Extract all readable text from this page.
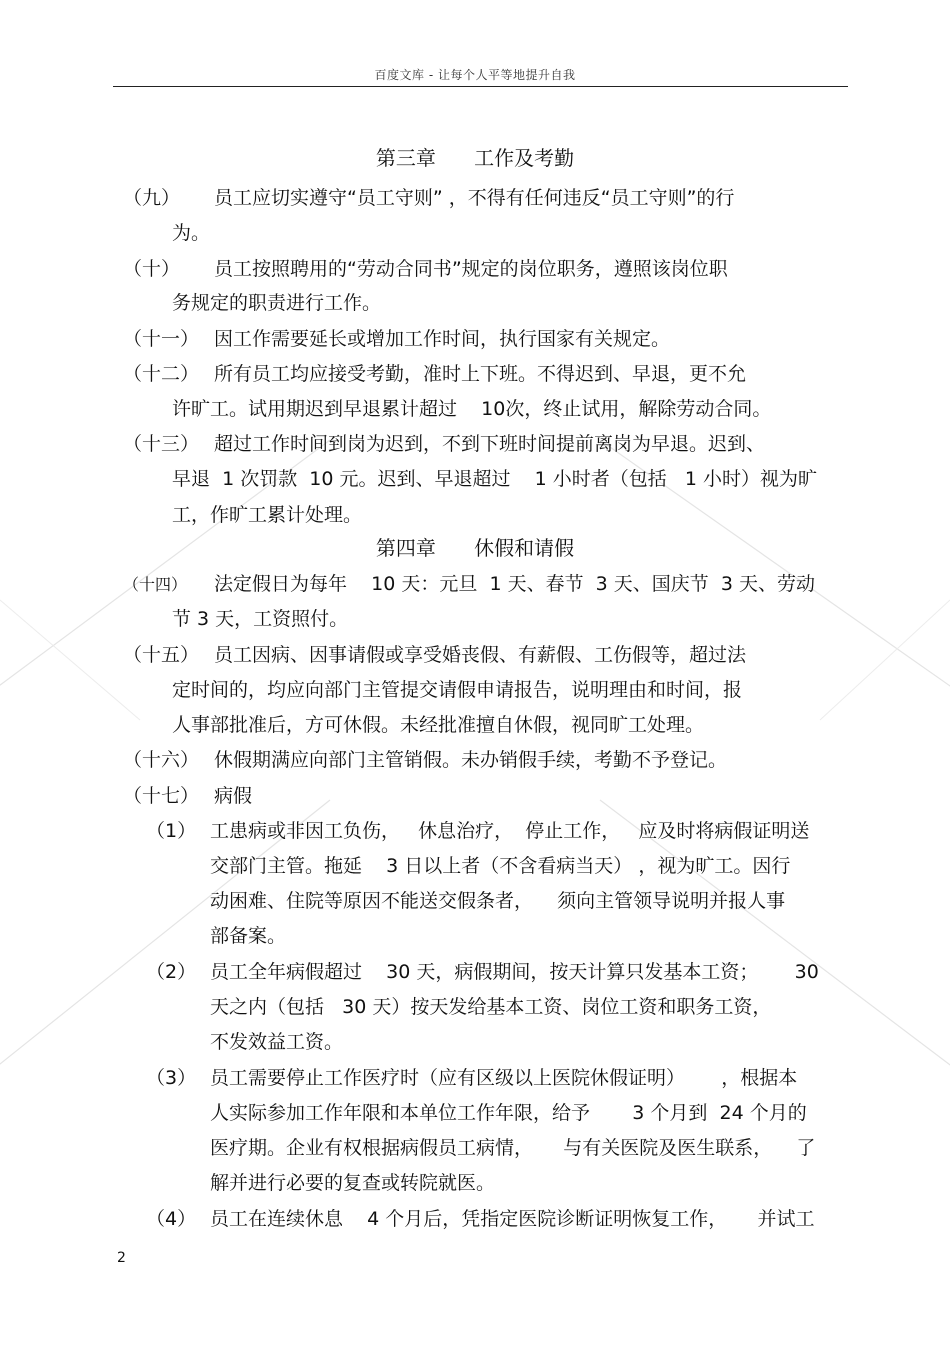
百度文库 - 让每个人平等地提升自我
第三章      工作及考勤
（九） 员工应切实遵守“员工守则” ，不得有任何违反“员工守则”的行
为。
（十） 员工按照聘用的“劳动合同书”规定的岗位职务，遵照该岗位职
务规定的职责进行工作。
（十一） 因工作需要延长或增加工作时间，执行国家有关规定。
（十二） 所有员工均应接受考勤，准时上下班。不得迟到、早退，更不允
许旷工。试用期迟到早退累计超过    10次，终止试用，解除劳动合同。
（十三） 超过工作时间到岗为迟到，不到下班时间提前离岗为早退。迟到、
早退  1 次罚款  10 元。迟到、早退超过    1 小时者（包括   1 小时）视为旷
工，作旷工累计处理。
第四章      休假和请假
（十四） 法定假日为每年    10 天：元旦  1 天、春节  3 天、国庆节  3 天、劳动
节 3 天，工资照付。
（十五） 员工因病、因事请假或享受婚丧假、有薪假、工伤假等，超过法
定时间的，均应向部门主管提交请假申请报告，说明理由和时间，报
人事部批准后，方可休假。未经批准擅自休假，视同旷工处理。
（十六） 休假期满应向部门主管销假。未办销假手续，考勤不予登记。
（十七） 病假
（1） 工患病或非因工负伤，   休息治疗，  停止工作，   应及时将病假证明送
交部门主管。拖延    3 日以上者（不含看病当天） ，视为旷工。因行
动困难、住院等原因不能送交假条者，    须向主管领导说明并报人事
部备案。
（2） 员工全年病假超过    30 天，病假期间，按天计算只发基本工资；      30
天之内（包括   30 天）按天发给基本工资、岗位工资和职务工资，
不发效益工资。
（3） 员工需要停止工作医疗时（应有区级以上医院休假证明）      ，根据本
人实际参加工作年限和本单位工作年限，给予       3 个月到  24 个月的
医疗期。企业有权根据病假员工病情，     与有关医院及医生联系，    了
解并进行必要的复查或转院就医。
（4） 员工在连续休息    4 个月后，凭指定医院诊断证明恢复工作，     并试工
2
